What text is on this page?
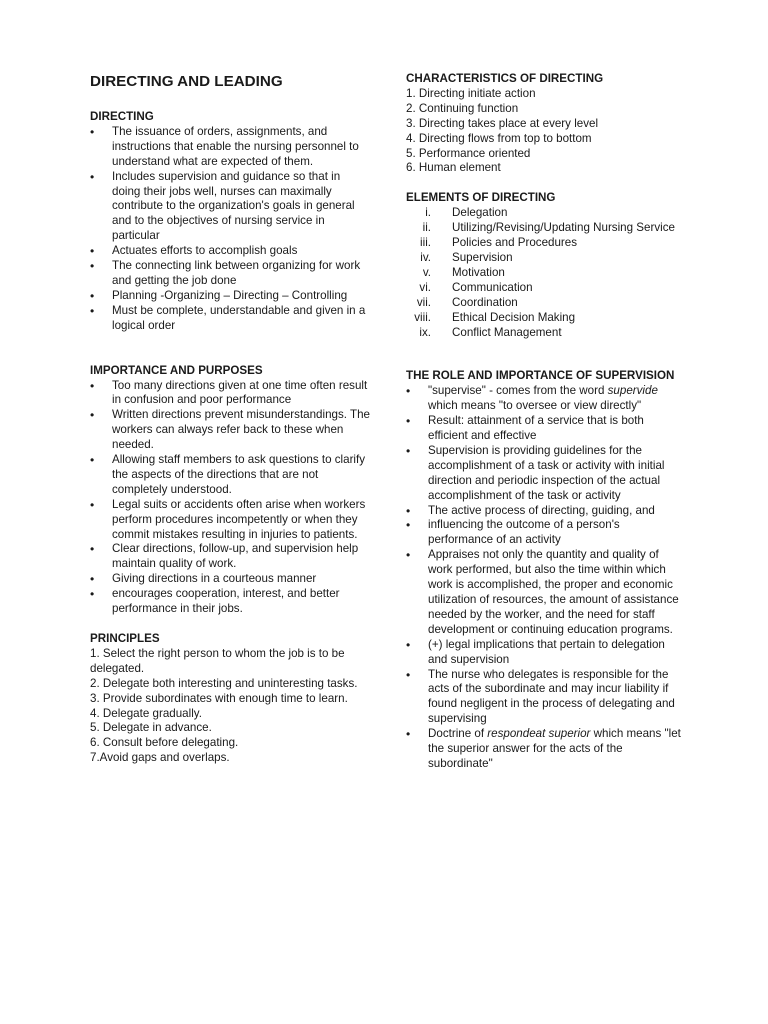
DIRECTING AND LEADING
DIRECTING
• The issuance of orders, assignments, and instructions that enable the nursing personnel to understand what are expected of them.
• Includes supervision and guidance so that in doing their jobs well, nurses can maximally contribute to the organization's goals in general and to the objectives of nursing service in particular
• Actuates efforts to accomplish goals
• The connecting link between organizing for work and getting the job done
• Planning -Organizing – Directing – Controlling
• Must be complete, understandable and given in a logical order
IMPORTANCE AND PURPOSES
• Too many directions given at one time often result in confusion and poor performance
• Written directions prevent misunderstandings. The workers can always refer back to these when needed.
• Allowing staff members to ask questions to clarify the aspects of the directions that are not completely understood.
• Legal suits or accidents often arise when workers perform procedures incompetently or when they commit mistakes resulting in injuries to patients.
• Clear directions, follow-up, and supervision help maintain quality of work.
• Giving directions in a courteous manner
• encourages cooperation, interest, and better performance in their jobs.
PRINCIPLES
1. Select the right person to whom the job is to be delegated.
2. Delegate both interesting and uninteresting tasks.
3. Provide subordinates with enough time to learn.
4. Delegate gradually.
5. Delegate in advance.
6. Consult before delegating.
7.Avoid gaps and overlaps.
CHARACTERISTICS OF DIRECTING
1. Directing initiate action
2. Continuing function
3. Directing takes place at every level
4. Directing flows from top to bottom
5. Performance oriented
6. Human element
ELEMENTS OF DIRECTING
i. Delegation
ii. Utilizing/Revising/Updating Nursing Service
iii. Policies and Procedures
iv. Supervision
v. Motivation
vi. Communication
vii. Coordination
viii. Ethical Decision Making
ix. Conflict Management
THE ROLE AND IMPORTANCE OF SUPERVISION
• "supervise" - comes from the word supervide which means "to oversee or view directly"
• Result: attainment of a service that is both efficient and effective
• Supervision is providing guidelines for the accomplishment of a task or activity with initial direction and periodic inspection of the actual accomplishment of the task or activity
• The active process of directing, guiding, and
• influencing the outcome of a person's performance of an activity
• Appraises not only the quantity and quality of work performed, but also the time within which work is accomplished, the proper and economic utilization of resources, the amount of assistance needed by the worker, and the need for staff development or continuing education programs.
• (+) legal implications that pertain to delegation and supervision
• The nurse who delegates is responsible for the acts of the subordinate and may incur liability if found negligent in the process of delegating and supervising
• Doctrine of respondeat superior which means "let the superior answer for the acts of the subordinate"
